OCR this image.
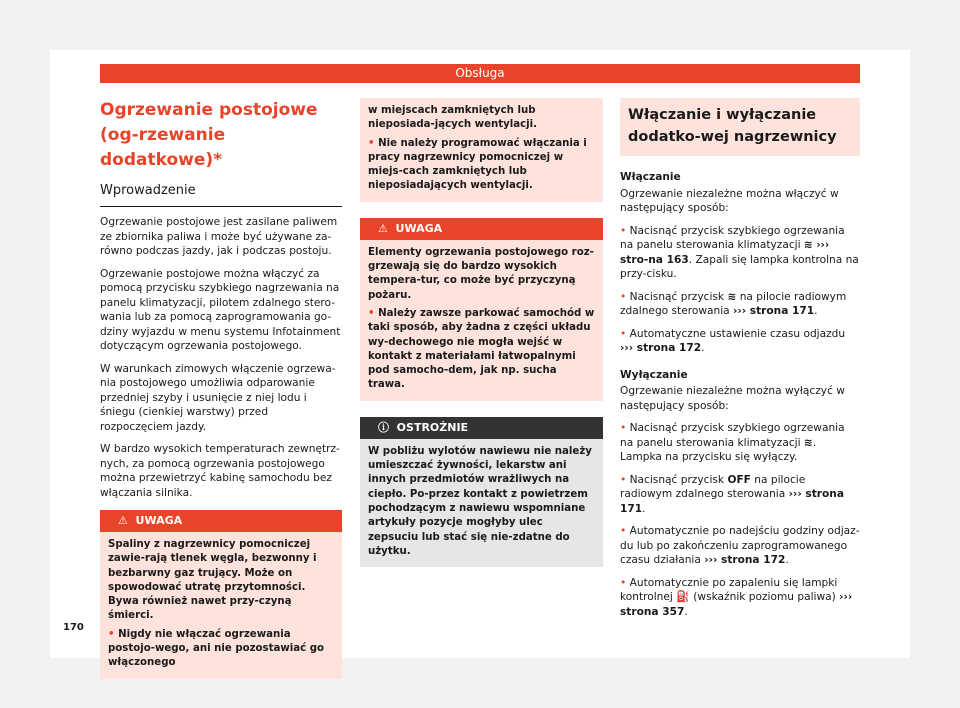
Obsługa
Ogrzewanie postojowe (og-rzewanie dodatkowe)*
Wprowadzenie

Ogrzewanie postojowe jest zasilane paliwem ze zbiornika paliwa i może być używane za-równo podczas jazdy, jak i podczas postoju.

Ogrzewanie postojowe można włączyć za pomocą przycisku szybkiego nagrzewania na panelu klimatyzacji, pilotem zdalnego stero-wania lub za pomocą zaprogramowania go-dziny wyjazdu w menu systemu Infotainment dotyczącym ogrzewania postojowego.

W warunkach zimowych włączenie ogrzewa-nia postojowego umożliwia odparowanie przedniej szyby i usunięcie z niej lodu i śniegu (cienkiej warstwy) przed rozpoczęciem jazdy.

W bardzo wysokich temperaturach zewnętrz-nych, za pomocą ogrzewania postojowego można przewietrzyć kabinę samochodu bez włączania silnika.

⚠ UWAGA
Spaliny z nagrzewnicy pomocniczej zawie-rają tlenek węgla, bezwonny i bezbarwny gaz trujący. Może on spowodować utratę przytomności. Bywa również nawet przy-czyną śmierci.
• Nigdy nie włączać ogrzewania postojo-wego, ani nie pozostawiać go włączonego
w miejscach zamkniętych lub nieposiada-jących wentylacji.
• Nie należy programować włączania i pracy nagrzewnicy pomocniczej w miejs-cach zamkniętych lub nieposiadających wentylacji.
⚠ UWAGA
Elementy ogrzewania postojowego roz-grzewają się do bardzo wysokich tempera-tur, co może być przyczyną pożaru.
• Należy zawsze parkować samochód w taki sposób, aby żadna z części układu wy-dechowego nie mogła wejść w kontakt z materiałami łatwopalnymi pod samocho-dem, jak np. sucha trawa.
ⓘ OSTROŻNIE
W pobliżu wylotów nawiewu nie należy umieszczać żywności, lekarstw ani innych przedmiotów wrażliwych na ciepło. Po-przez kontakt z powietrzem pochodzącym z nawiewu wspomniane artykuły pozycje mogłyby ulec zepsuciu lub stać się nie-zdatne do użytku.
Włączanie i wyłączanie dodatko-wej nagrzewnicy

Włączanie

Ogrzewanie niezależne można włączyć w następujący sposób:

• Nacisnąć przycisk szybkiego ogrzewania na panelu sterowania klimatyzacji ≋ ››› stro-na 163. Zapali się lampka kontrolna na przy-cisku.

• Nacisnąć przycisk ≋ na pilocie radiowym zdalnego sterowania ››› strona 171.

• Automatyczne ustawienie czasu odjazdu ››› strona 172.

Wyłączanie

Ogrzewanie niezależne można wyłączyć w następujący sposób:

• Nacisnąć przycisk szybkiego ogrzewania na panelu sterowania klimatyzacji ≋. Lampka na przycisku się wyłączy.

• Nacisnąć przycisk OFF na pilocie radiowym zdalnego sterowania ››› strona 171.

• Automatycznie po nadejściu godziny odjaz-du lub po zakończeniu zaprogramowanego czasu działania ››› strona 172.

• Automatycznie po zapaleniu się lampki kontrolnej ⛽ (wskaźnik poziomu paliwa) ››› strona 357.

170
